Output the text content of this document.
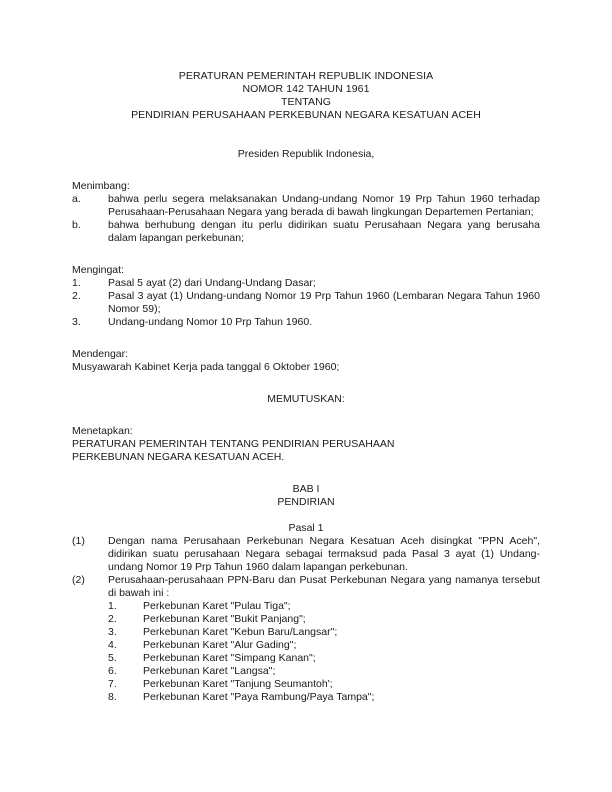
PERATURAN PEMERINTAH REPUBLIK INDONESIA
NOMOR 142 TAHUN 1961
TENTANG
PENDIRIAN PERUSAHAAN PERKEBUNAN NEGARA KESATUAN ACEH
Presiden Republik Indonesia,
Menimbang:
a.	bahwa perlu segera melaksanakan Undang-undang Nomor 19 Prp Tahun 1960 terhadap Perusahaan-Perusahaan Negara yang berada di bawah lingkungan Departemen Pertanian;
b.	bahwa berhubung dengan itu perlu didirikan suatu Perusahaan Negara yang berusaha dalam lapangan perkebunan;
Mengingat:
1.	Pasal 5 ayat (2) dari Undang-Undang Dasar;
2.	Pasal 3 ayat (1) Undang-undang Nomor 19 Prp Tahun 1960 (Lembaran Negara Tahun 1960 Nomor 59);
3.	Undang-undang Nomor 10 Prp Tahun 1960.
Mendengar:
Musyawarah Kabinet Kerja pada tanggal 6 Oktober 1960;
MEMUTUSKAN:
Menetapkan:
PERATURAN PEMERINTAH TENTANG PENDIRIAN PERUSAHAAN
PERKEBUNAN NEGARA KESATUAN ACEH.
BAB I
PENDIRIAN
Pasal 1
(1)	Dengan nama Perusahaan Perkebunan Negara Kesatuan Aceh disingkat "PPN Aceh", didirikan suatu perusahaan Negara sebagai termaksud pada Pasal 3 ayat (1) Undang-undang Nomor 19 Prp Tahun 1960 dalam lapangan perkebunan.
(2)	Perusahaan-perusahaan PPN-Baru dan Pusat Perkebunan Negara yang namanya tersebut di bawah ini :
1.	Perkebunan Karet "Pulau Tiga";
2.	Perkebunan Karet "Bukit Panjang";
3.	Perkebunan Karet "Kebun Baru/Langsar";
4.	Perkebunan Karet "Alur Gading";
5.	Perkebunan Karet "Simpang Kanan";
6.	Perkebunan Karet "Langsa";
7.	Perkebunan Karet "Tanjung Seumantoh';
8.	Perkebunan Karet "Paya Rambung/Paya Tampa";
